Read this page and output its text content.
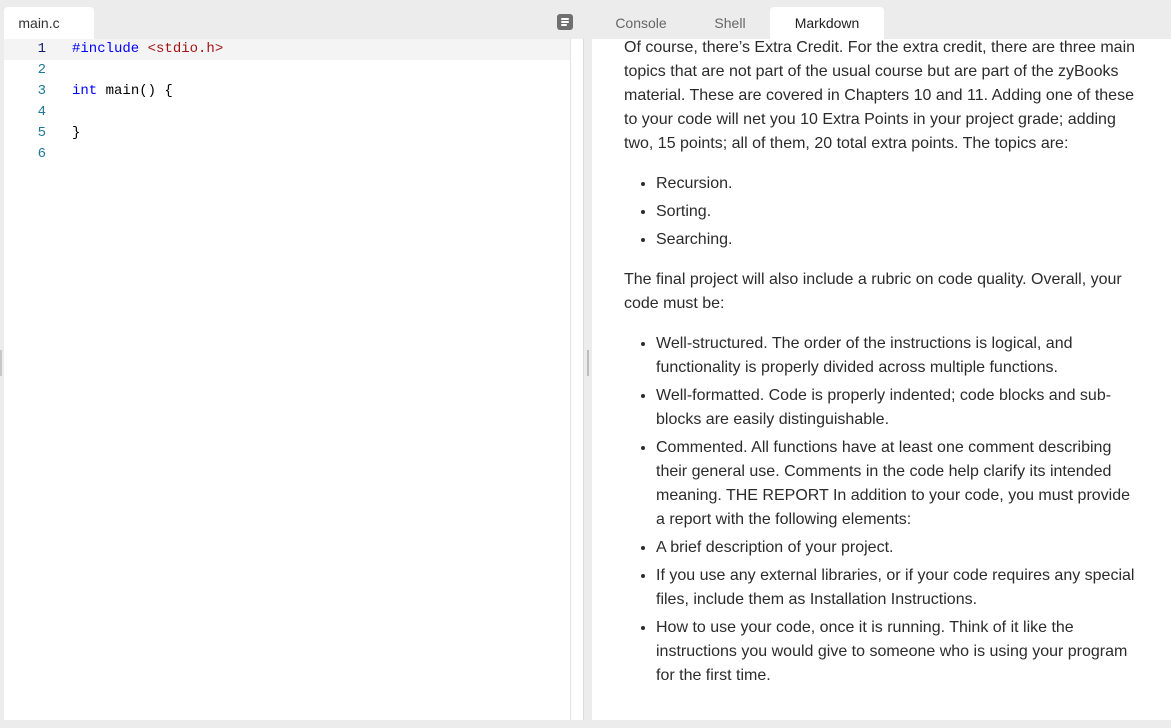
main.c
1 #include <stdio.h>
2
3 int main() {
4
5 }
6
Console	Shell	Markdown

Of course, there’s Extra Credit. For the extra credit, there are three main topics that are not part of the usual course but are part of the zyBooks material. These are covered in Chapters 10 and 11. Adding one of these to your code will net you 10 Extra Points in your project grade; adding two, 15 points; all of them, 20 total extra points. The topics are:

• Recursion.
• Sorting.
• Searching.

The final project will also include a rubric on code quality. Overall, your code must be:

• Well-structured. The order of the instructions is logical, and functionality is properly divided across multiple functions.
• Well-formatted. Code is properly indented; code blocks and sub-blocks are easily distinguishable.
• Commented. All functions have at least one comment describing their general use. Comments in the code help clarify its intended meaning. THE REPORT In addition to your code, you must provide a report with the following elements:
• A brief description of your project.
• If you use any external libraries, or if your code requires any special files, include them as Installation Instructions.
• How to use your code, once it is running. Think of it like the instructions you would give to someone who is using your program for the first time.
